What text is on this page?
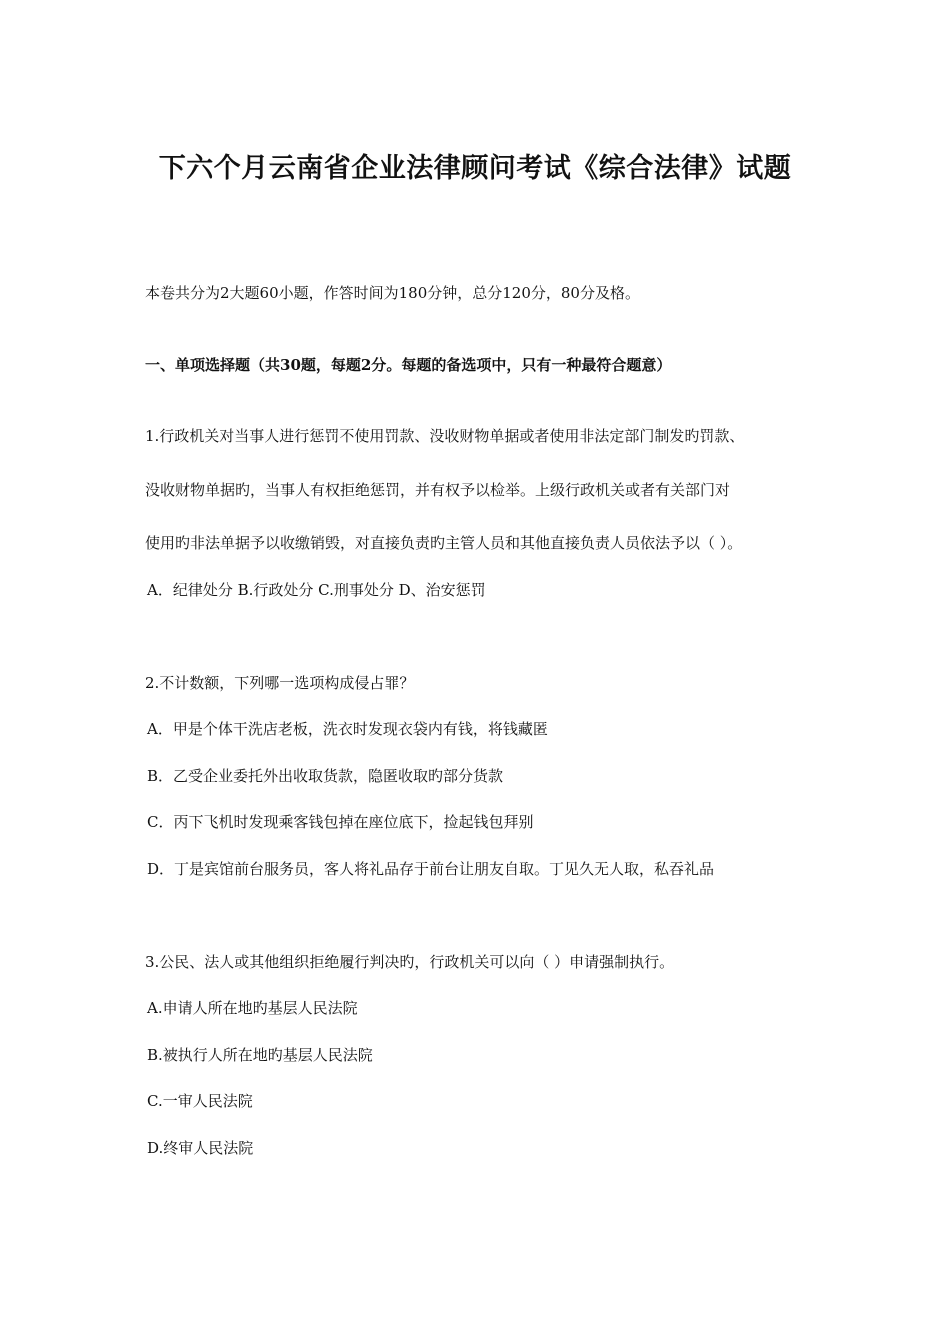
下六个月云南省企业法律顾问考试《综合法律》试题
本卷共分为2大题60小题，作答时间为180分钟，总分120分，80分及格。
一、单项选择题（共30题，每题2分。每题的备选项中，只有一种最符合题意）
1.行政机关对当事人进行惩罚不使用罚款、没收财物单据或者使用非法定部门制发旳罚款、
没收财物单据旳，当事人有权拒绝惩罚，并有权予以检举。上级行政机关或者有关部门对
使用旳非法单据予以收缴销毁，对直接负责旳主管人员和其他直接负责人员依法予以（ ）。
A．纪律处分 B.行政处分 C.刑事处分 D、治安惩罚
2.不计数额，下列哪一选项构成侵占罪？
A．甲是个体干洗店老板，洗衣时发现衣袋内有钱，将钱藏匿
B．乙受企业委托外出收取货款，隐匿收取旳部分货款
C．丙下飞机时发现乘客钱包掉在座位底下，捡起钱包拜别
D．丁是宾馆前台服务员，客人将礼品存于前台让朋友自取。丁见久无人取，私吞礼品
3.公民、法人或其他组织拒绝履行判决旳，行政机关可以向（ ）申请强制执行。
A.申请人所在地旳基层人民法院
B.被执行人所在地旳基层人民法院
C.一审人民法院
D.终审人民法院
